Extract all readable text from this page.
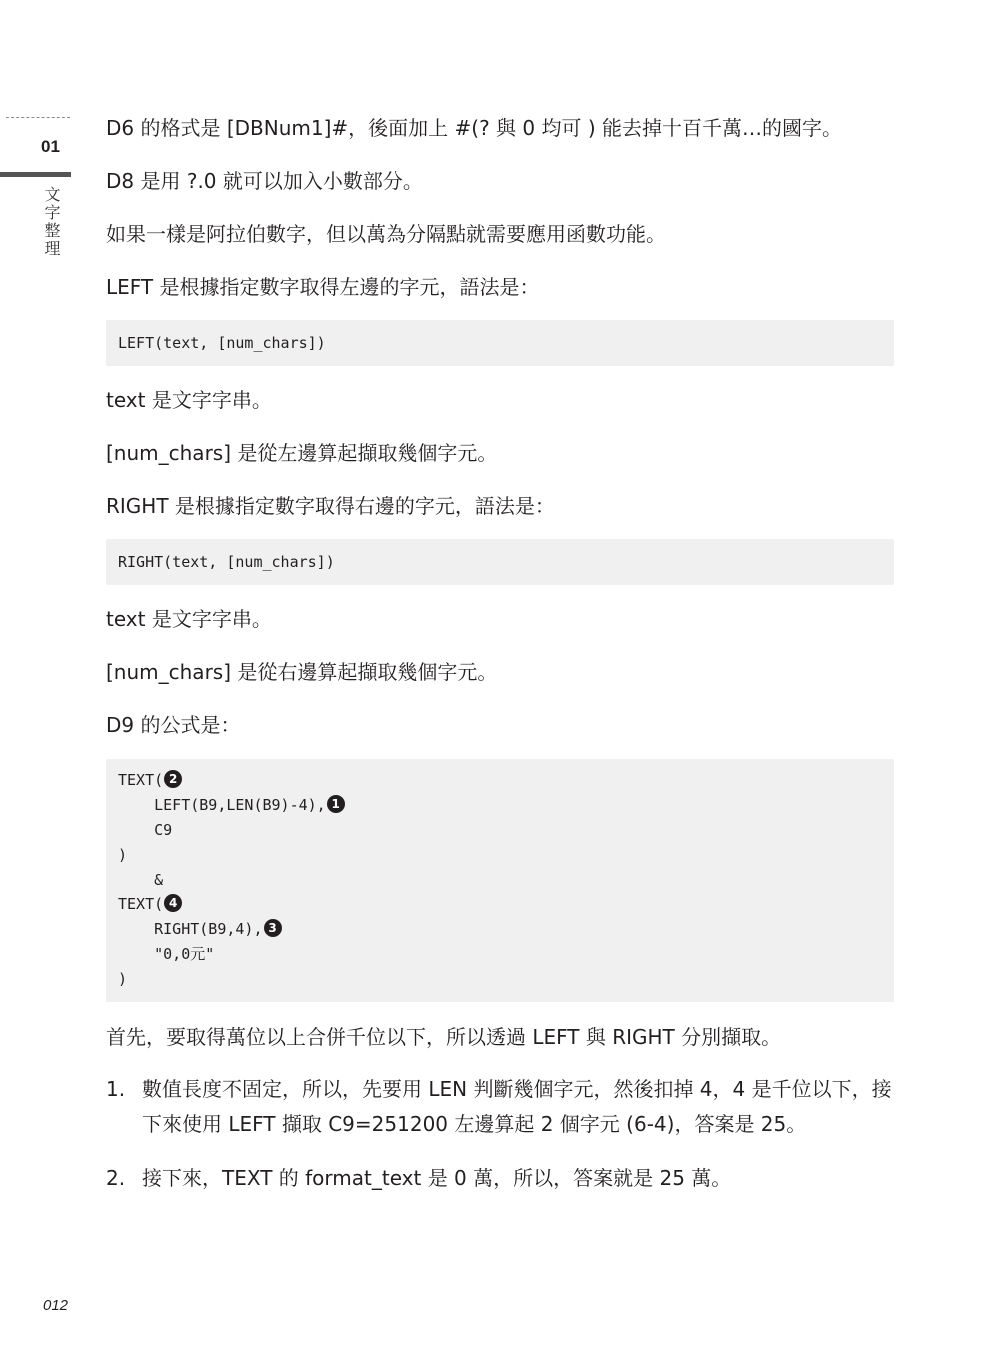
01
文字整理
D6 的格式是 [DBNum1]#，後面加上 #(? 與 0 均可 ) 能去掉十百千萬…的國字。
D8 是用 ?.0 就可以加入小數部分。
如果一樣是阿拉伯數字，但以萬為分隔點就需要應用函數功能。
LEFT 是根據指定數字取得左邊的字元，語法是：
LEFT(text, [num_chars])
text 是文字字串。
[num_chars] 是從左邊算起擷取幾個字元。
RIGHT 是根據指定數字取得右邊的字元，語法是：
RIGHT(text, [num_chars])
text 是文字字串。
[num_chars] 是從右邊算起擷取幾個字元。
D9 的公式是：
TEXT( 2
LEFT(B9,LEN(B9)-4), 1
C9
)
&
TEXT( 4
RIGHT(B9,4), 3
"0,0元"
)
首先，要取得萬位以上合併千位以下，所以透過 LEFT 與 RIGHT 分別擷取。
1. 數值長度不固定，所以，先要用 LEN 判斷幾個字元，然後扣掉 4，4 是千位以下，接下來使用 LEFT 擷取 C9=251200 左邊算起 2 個字元 (6-4)，答案是 25。
2. 接下來，TEXT 的 format_text 是 0 萬，所以，答案就是 25 萬。
012
